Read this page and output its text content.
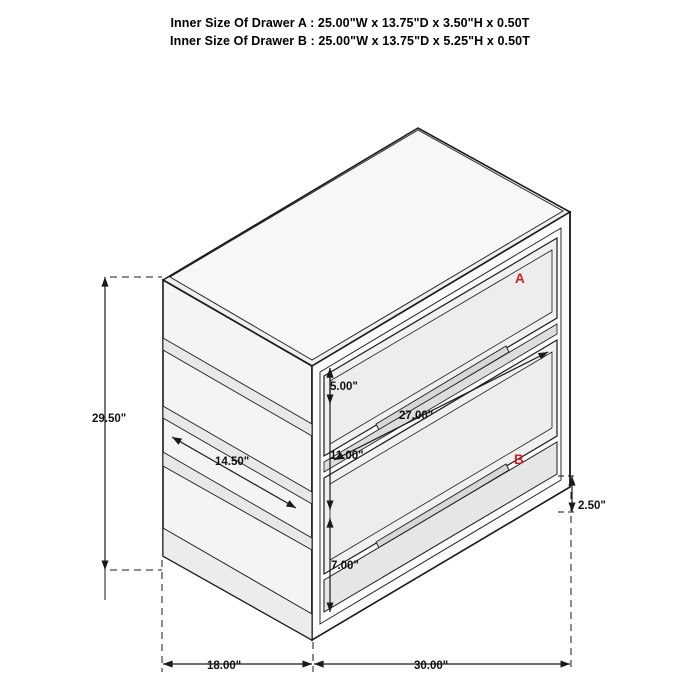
Inner Size Of Drawer A : 25.00"W x 13.75"D x 3.50"H x 0.50T
Inner Size Of Drawer B : 25.00"W x 13.75"D x 5.25"H x 0.50T
29.50"
14.50"
27.00"
5.00"
11.00"
7.00"
2.50"
18.00"	30.00"
A
B
